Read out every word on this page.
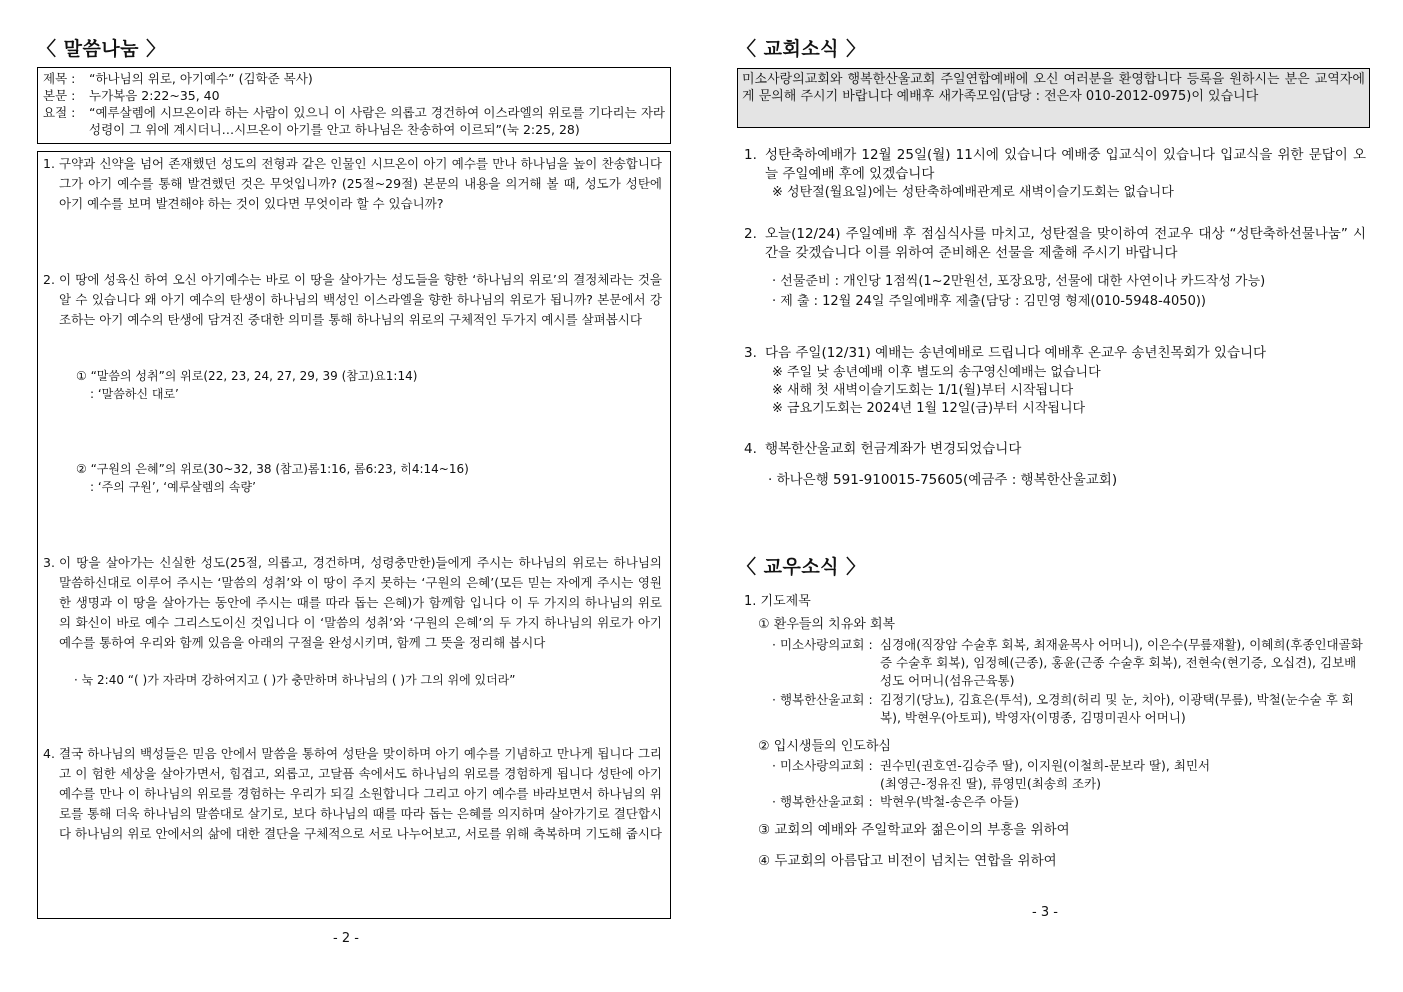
〈 말씀나눔 〉
제목 :	“하나님의 위로, 아기예수” (김학준 목사)
본문 :	누가복음 2:22~35, 40
요절 :	“예루살렘에 시므온이라 하는 사람이 있으니 이 사람은 의롭고 경건하여 이스라엘의 위로를 기다리는 자라 성령이 그 위에 계시더니…시므온이 아기를 안고 하나님은 찬송하여 이르되”(눅 2:25, 28)
1. 구약과 신약을 넘어 존재했던 성도의 전형과 같은 인물인 시므온이 아기 예수를 만나 하나님을 높이 찬송합니다 그가 아기 예수를 통해 발견했던 것은 무엇입니까? (25절~29절) 본문의 내용을 의거해 볼 때, 성도가 성탄에 아기 예수를 보며 발견해야 하는 것이 있다면 무엇이라 할 수 있습니까?
2. 이 땅에 성육신 하여 오신 아기예수는 바로 이 땅을 살아가는 성도들을 향한 ‘하나님의 위로’의 결정체라는 것을 알 수 있습니다 왜 아기 예수의 탄생이 하나님의 백성인 이스라엘을 향한 하나님의 위로가 됩니까? 본문에서 강조하는 아기 예수의 탄생에 담겨진 중대한 의미를 통해 하나님의 위로의 구체적인 두가지 예시를 살펴봅시다
① “말씀의 성취”의 위로(22, 23, 24, 27, 29, 39 (참고)요1:14)
: ‘말씀하신 대로’
② “구원의 은혜”의 위로(30~32, 38 (참고)롬1:16, 롬6:23, 히4:14~16)
: ‘주의 구원’, ‘예루살렘의 속량’
3. 이 땅을 살아가는 신실한 성도(25절, 의롭고, 경건하며, 성령충만한)들에게 주시는 하나님의 위로는 하나님의 말씀하신대로 이루어 주시는 ‘말씀의 성취’와 이 땅이 주지 못하는 ‘구원의 은혜’(모든 믿는 자에게 주시는 영원한 생명과 이 땅을 살아가는 동안에 주시는 때를 따라 돕는 은혜)가 함께함 입니다 이 두 가지의 하나님의 위로의 화신이 바로 예수 그리스도이신 것입니다 이 ‘말씀의 성취’와 ‘구원의 은혜’의 두 가지 하나님의 위로가 아기 예수를 통하여 우리와 함께 있음을 아래의 구절을 완성시키며, 함께 그 뜻을 정리해 봅시다
· 눅 2:40 “( )가 자라며 강하여지고 ( )가 충만하며 하나님의 ( )가 그의 위에 있더라”
4. 결국 하나님의 백성들은 믿음 안에서 말씀을 통하여 성탄을 맞이하며 아기 예수를 기념하고 만나게 됩니다 그리고 이 험한 세상을 살아가면서, 힘겹고, 외롭고, 고달픔 속에서도 하나님의 위로를 경험하게 됩니다 성탄에 아기 예수를 만나 이 하나님의 위로를 경험하는 우리가 되길 소원합니다 그리고 아기 예수를 바라보면서 하나님의 위로를 통해 더욱 하나님의 말씀대로 살기로, 보다 하나님의 때를 따라 돕는 은혜를 의지하며 살아가기로 결단합시다 하나님의 위로 안에서의 삶에 대한 결단을 구체적으로 서로 나누어보고, 서로를 위해 축복하며 기도해 줍시다
- 2 -
〈 교회소식 〉
미소사랑의교회와 행복한산울교회 주일연합예배에 오신 여러분을 환영합니다 등록을 원하시는 분은 교역자에게 문의해 주시기 바랍니다 예배후 새가족모임(담당 : 전은자 010-2012-0975)이 있습니다
1. 성탄축하예배가 12월 25일(월) 11시에 있습니다 예배중 입교식이 있습니다 입교식을 위한 문답이 오늘 주일예배 후에 있겠습니다
※ 성탄절(월요일)에는 성탄축하예배관계로 새벽이슬기도회는 없습니다
2. 오늘(12/24) 주일예배 후 점심식사를 마치고, 성탄절을 맞이하여 전교우 대상 “성탄축하선물나눔” 시간을 갖겠습니다 이를 위하여 준비해온 선물을 제출해 주시기 바랍니다
· 선물준비 : 개인당 1점씩(1~2만원선, 포장요망, 선물에 대한 사연이나 카드작성 가능)
· 제 출 : 12월 24일 주일예배후 제출(담당 : 김민영 형제(010-5948-4050))
3. 다음 주일(12/31) 예배는 송년예배로 드립니다 예배후 온교우 송년친목회가 있습니다
※ 주일 낮 송년예배 이후 별도의 송구영신예배는 없습니다
※ 새해 첫 새벽이슬기도회는 1/1(월)부터 시작됩니다
※ 금요기도회는 2024년 1월 12일(금)부터 시작됩니다
4. 행복한산울교회 헌금계좌가 변경되었습니다
· 하나은행 591-910015-75605(예금주 : 행복한산울교회)
〈 교우소식 〉
1. 기도제목
① 환우들의 치유와 회복
· 미소사랑의교회 : 심경애(직장암 수술후 회복, 최재윤목사 어머니), 이은수(무릎재활), 이혜희(후종인대골화증 수술후 회복), 임정혜(근종), 홍윤(근종 수술후 회복), 전현숙(현기증, 오십견), 김보배성도 어머니(섬유근육통)
· 행복한산울교회 : 김정기(당뇨), 김효은(투석), 오경희(허리 및 눈, 치아), 이광택(무릎), 박철(눈수술 후 회복), 박현우(아토피), 박영자(이명종, 김명미권사 어머니)
② 입시생들의 인도하심
· 미소사랑의교회 : 권수민(권호연-김승주 딸), 이지원(이철희-문보라 딸), 최민서(최영근-정유진 딸), 류영민(최송희 조카)
· 행복한산울교회 : 박현우(박철-송은주 아들)
③ 교회의 예배와 주일학교와 젊은이의 부흥을 위하여
④ 두교회의 아름답고 비전이 넘치는 연합을 위하여
- 3 -
